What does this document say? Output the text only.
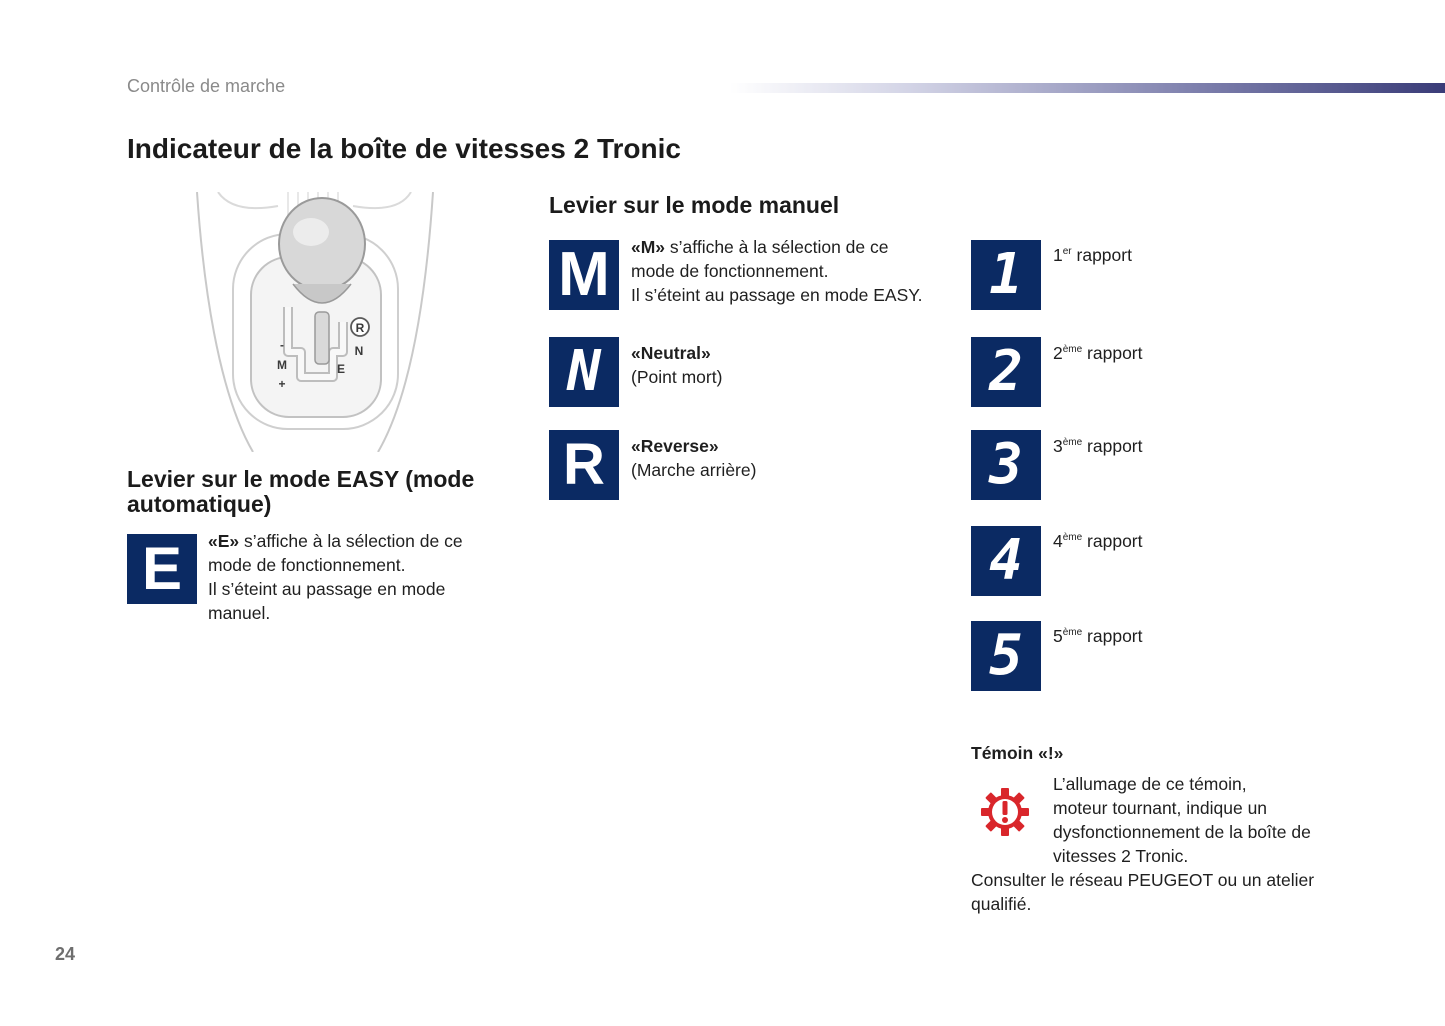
Contrôle de marche
Indicateur de la boîte de vitesses 2 Tronic
R
N
E
-
M
+
Levier sur le mode EASY (mode automatique)
E «E» s’affiche à la sélection de ce
mode de fonctionnement.
Il s’éteint au passage en mode
manuel.
Levier sur le mode manuel
M «M» s’affiche à la sélection de ce
mode de fonctionnement.
Il s’éteint au passage en mode EASY.
N «Neutral»
(Point mort)
R «Reverse»
(Marche arrière)
1 1er rapport
2 2ème rapport
3 3ème rapport
4 4ème rapport
5 5ème rapport
Témoin «!»
L’allumage de ce témoin,
moteur tournant, indique un
dysfonctionnement de la boîte de
vitesses 2 Tronic.
Consulter le réseau PEUGEOT ou un atelier
qualifié.
24
